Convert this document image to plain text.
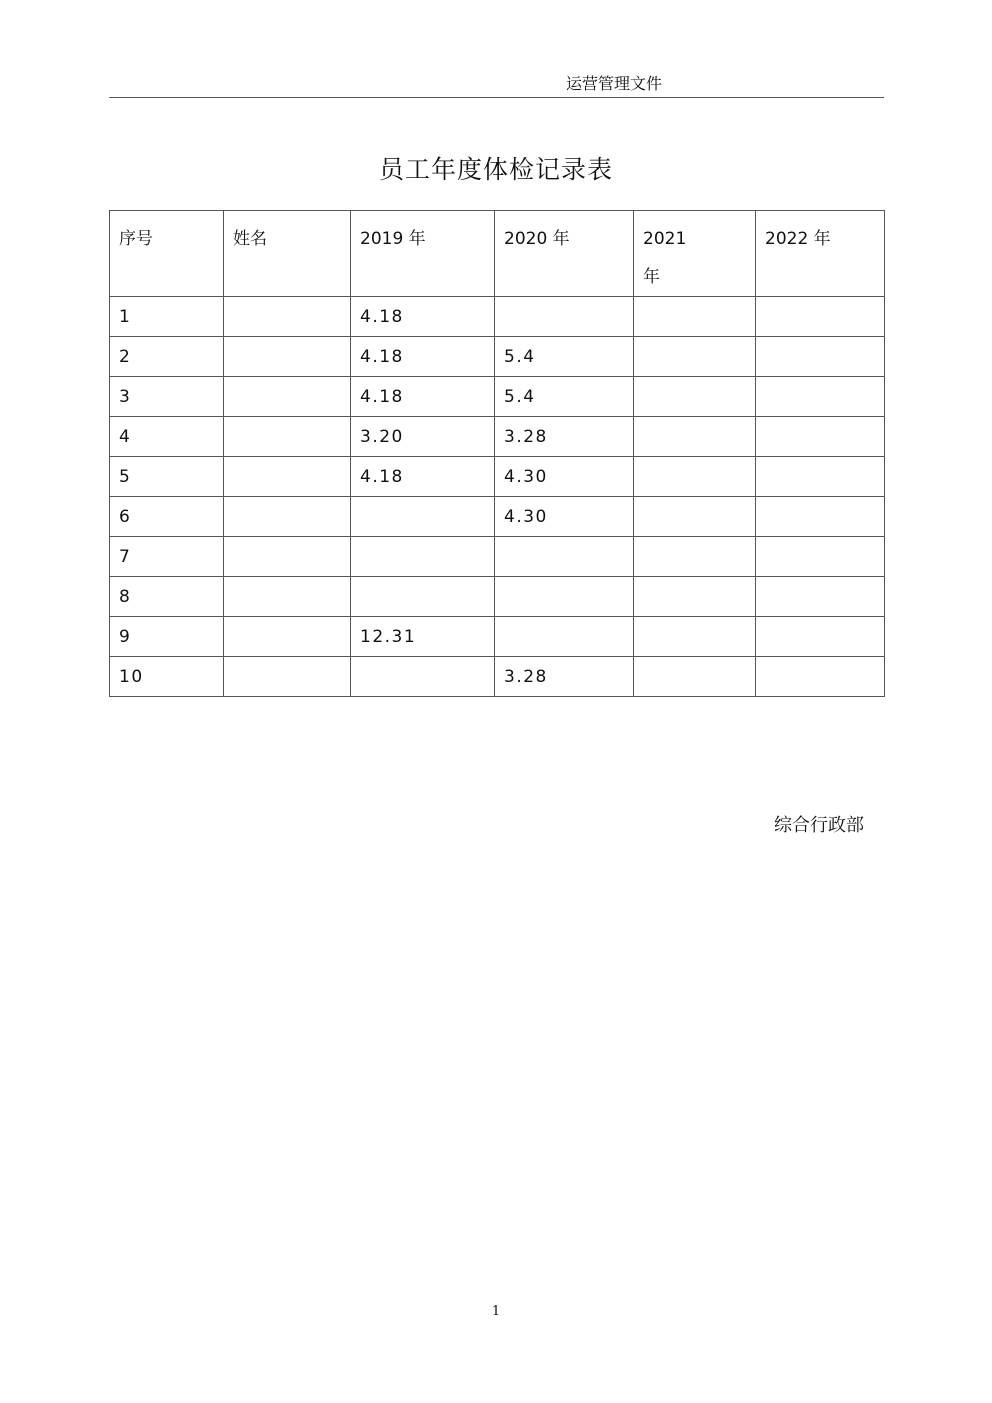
运营管理文件
员工年度体检记录表
序号	姓名	2019 年	2020 年	2021 年	2022 年
1		4.18			
2		4.18	5.4		
3		4.18	5.4		
4		3.20	3.28		
5		4.18	4.30		
6			4.30		
7					
8					
9		12.31			
10			3.28		
综合行政部
1
